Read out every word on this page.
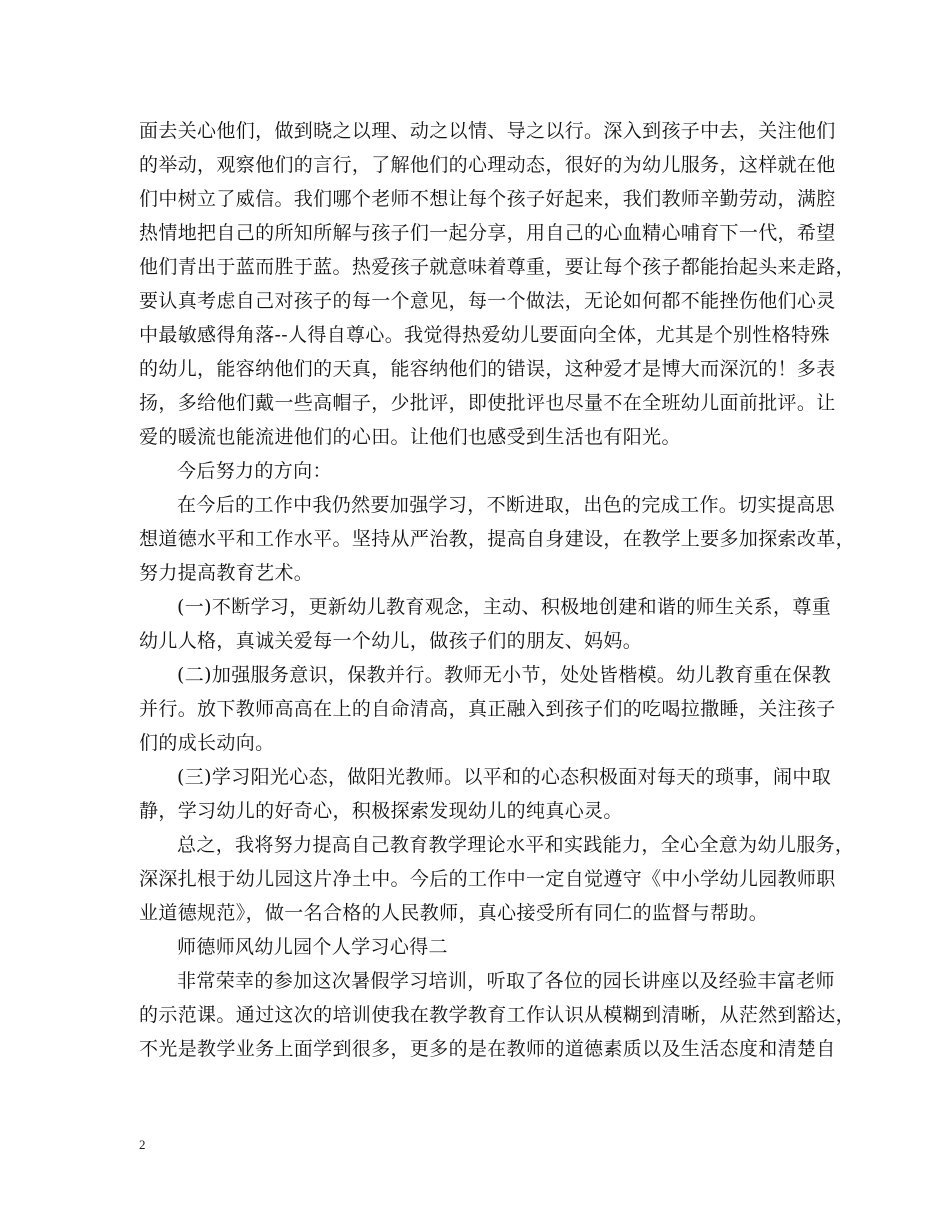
面去关心他们，做到晓之以理、动之以情、导之以行。深入到孩子中去，关注他们
的举动，观察他们的言行，了解他们的心理动态，很好的为幼儿服务，这样就在他
们中树立了威信。我们哪个老师不想让每个孩子好起来，我们教师辛勤劳动，满腔
热情地把自己的所知所解与孩子们一起分享，用自己的心血精心哺育下一代，希望
他们青出于蓝而胜于蓝。热爱孩子就意味着尊重，要让每个孩子都能抬起头来走路，
要认真考虑自己对孩子的每一个意见，每一个做法，无论如何都不能挫伤他们心灵
中最敏感得角落--人得自尊心。我觉得热爱幼儿要面向全体，尤其是个别性格特殊
的幼儿，能容纳他们的天真，能容纳他们的错误，这种爱才是博大而深沉的！多表
扬，多给他们戴一些高帽子，少批评，即使批评也尽量不在全班幼儿面前批评。让
爱的暖流也能流进他们的心田。让他们也感受到生活也有阳光。
今后努力的方向：
在今后的工作中我仍然要加强学习，不断进取，出色的完成工作。切实提高思
想道德水平和工作水平。坚持从严治教，提高自身建设，在教学上要多加探索改革，
努力提高教育艺术。
(一)不断学习，更新幼儿教育观念，主动、积极地创建和谐的师生关系，尊重
幼儿人格，真诚关爱每一个幼儿，做孩子们的朋友、妈妈。
(二)加强服务意识，保教并行。教师无小节，处处皆楷模。幼儿教育重在保教
并行。放下教师高高在上的自命清高，真正融入到孩子们的吃喝拉撒睡，关注孩子
们的成长动向。
(三)学习阳光心态，做阳光教师。以平和的心态积极面对每天的琐事，闹中取
静，学习幼儿的好奇心，积极探索发现幼儿的纯真心灵。
总之，我将努力提高自己教育教学理论水平和实践能力，全心全意为幼儿服务，
深深扎根于幼儿园这片净土中。今后的工作中一定自觉遵守《中小学幼儿园教师职
业道德规范》，做一名合格的人民教师，真心接受所有同仁的监督与帮助。
师德师风幼儿园个人学习心得二
非常荣幸的参加这次暑假学习培训，听取了各位的园长讲座以及经验丰富老师
的示范课。通过这次的培训使我在教学教育工作认识从模糊到清晰，从茫然到豁达，
不光是教学业务上面学到很多，更多的是在教师的道德素质以及生活态度和清楚自
2
